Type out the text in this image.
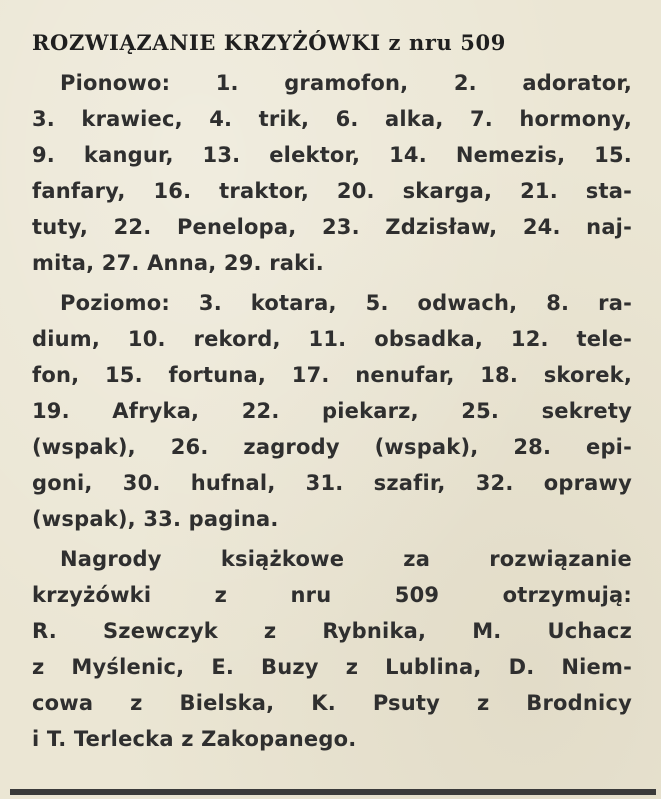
ROZWIĄZANIE KRZYŻÓWKI z nru 509
Pionowo: 1. gramofon, 2. adorator,
3. krawiec, 4. trik, 6. alka, 7. hormony,
9. kangur, 13. elektor, 14. Nemezis, 15.
fanfary, 16. traktor, 20. skarga, 21. sta-
tuty, 22. Penelopa, 23. Zdzisław, 24. naj-
mita, 27. Anna, 29. raki.
Poziomo: 3. kotara, 5. odwach, 8. ra-
dium, 10. rekord, 11. obsadka, 12. tele-
fon, 15. fortuna, 17. nenufar, 18. skorek,
19. Afryka, 22. piekarz, 25. sekrety
(wspak), 26. zagrody (wspak), 28. epi-
goni, 30. hufnal, 31. szafir, 32. oprawy
(wspak), 33. pagina.
Nagrody książkowe za rozwiązanie
krzyżówki z nru 509 otrzymują:
R. Szewczyk z Rybnika, M. Uchacz
z Myślenic, E. Buzy z Lublina, D. Niem-
cowa z Bielska, K. Psuty z Brodnicy
i T. Terlecka z Zakopanego.
